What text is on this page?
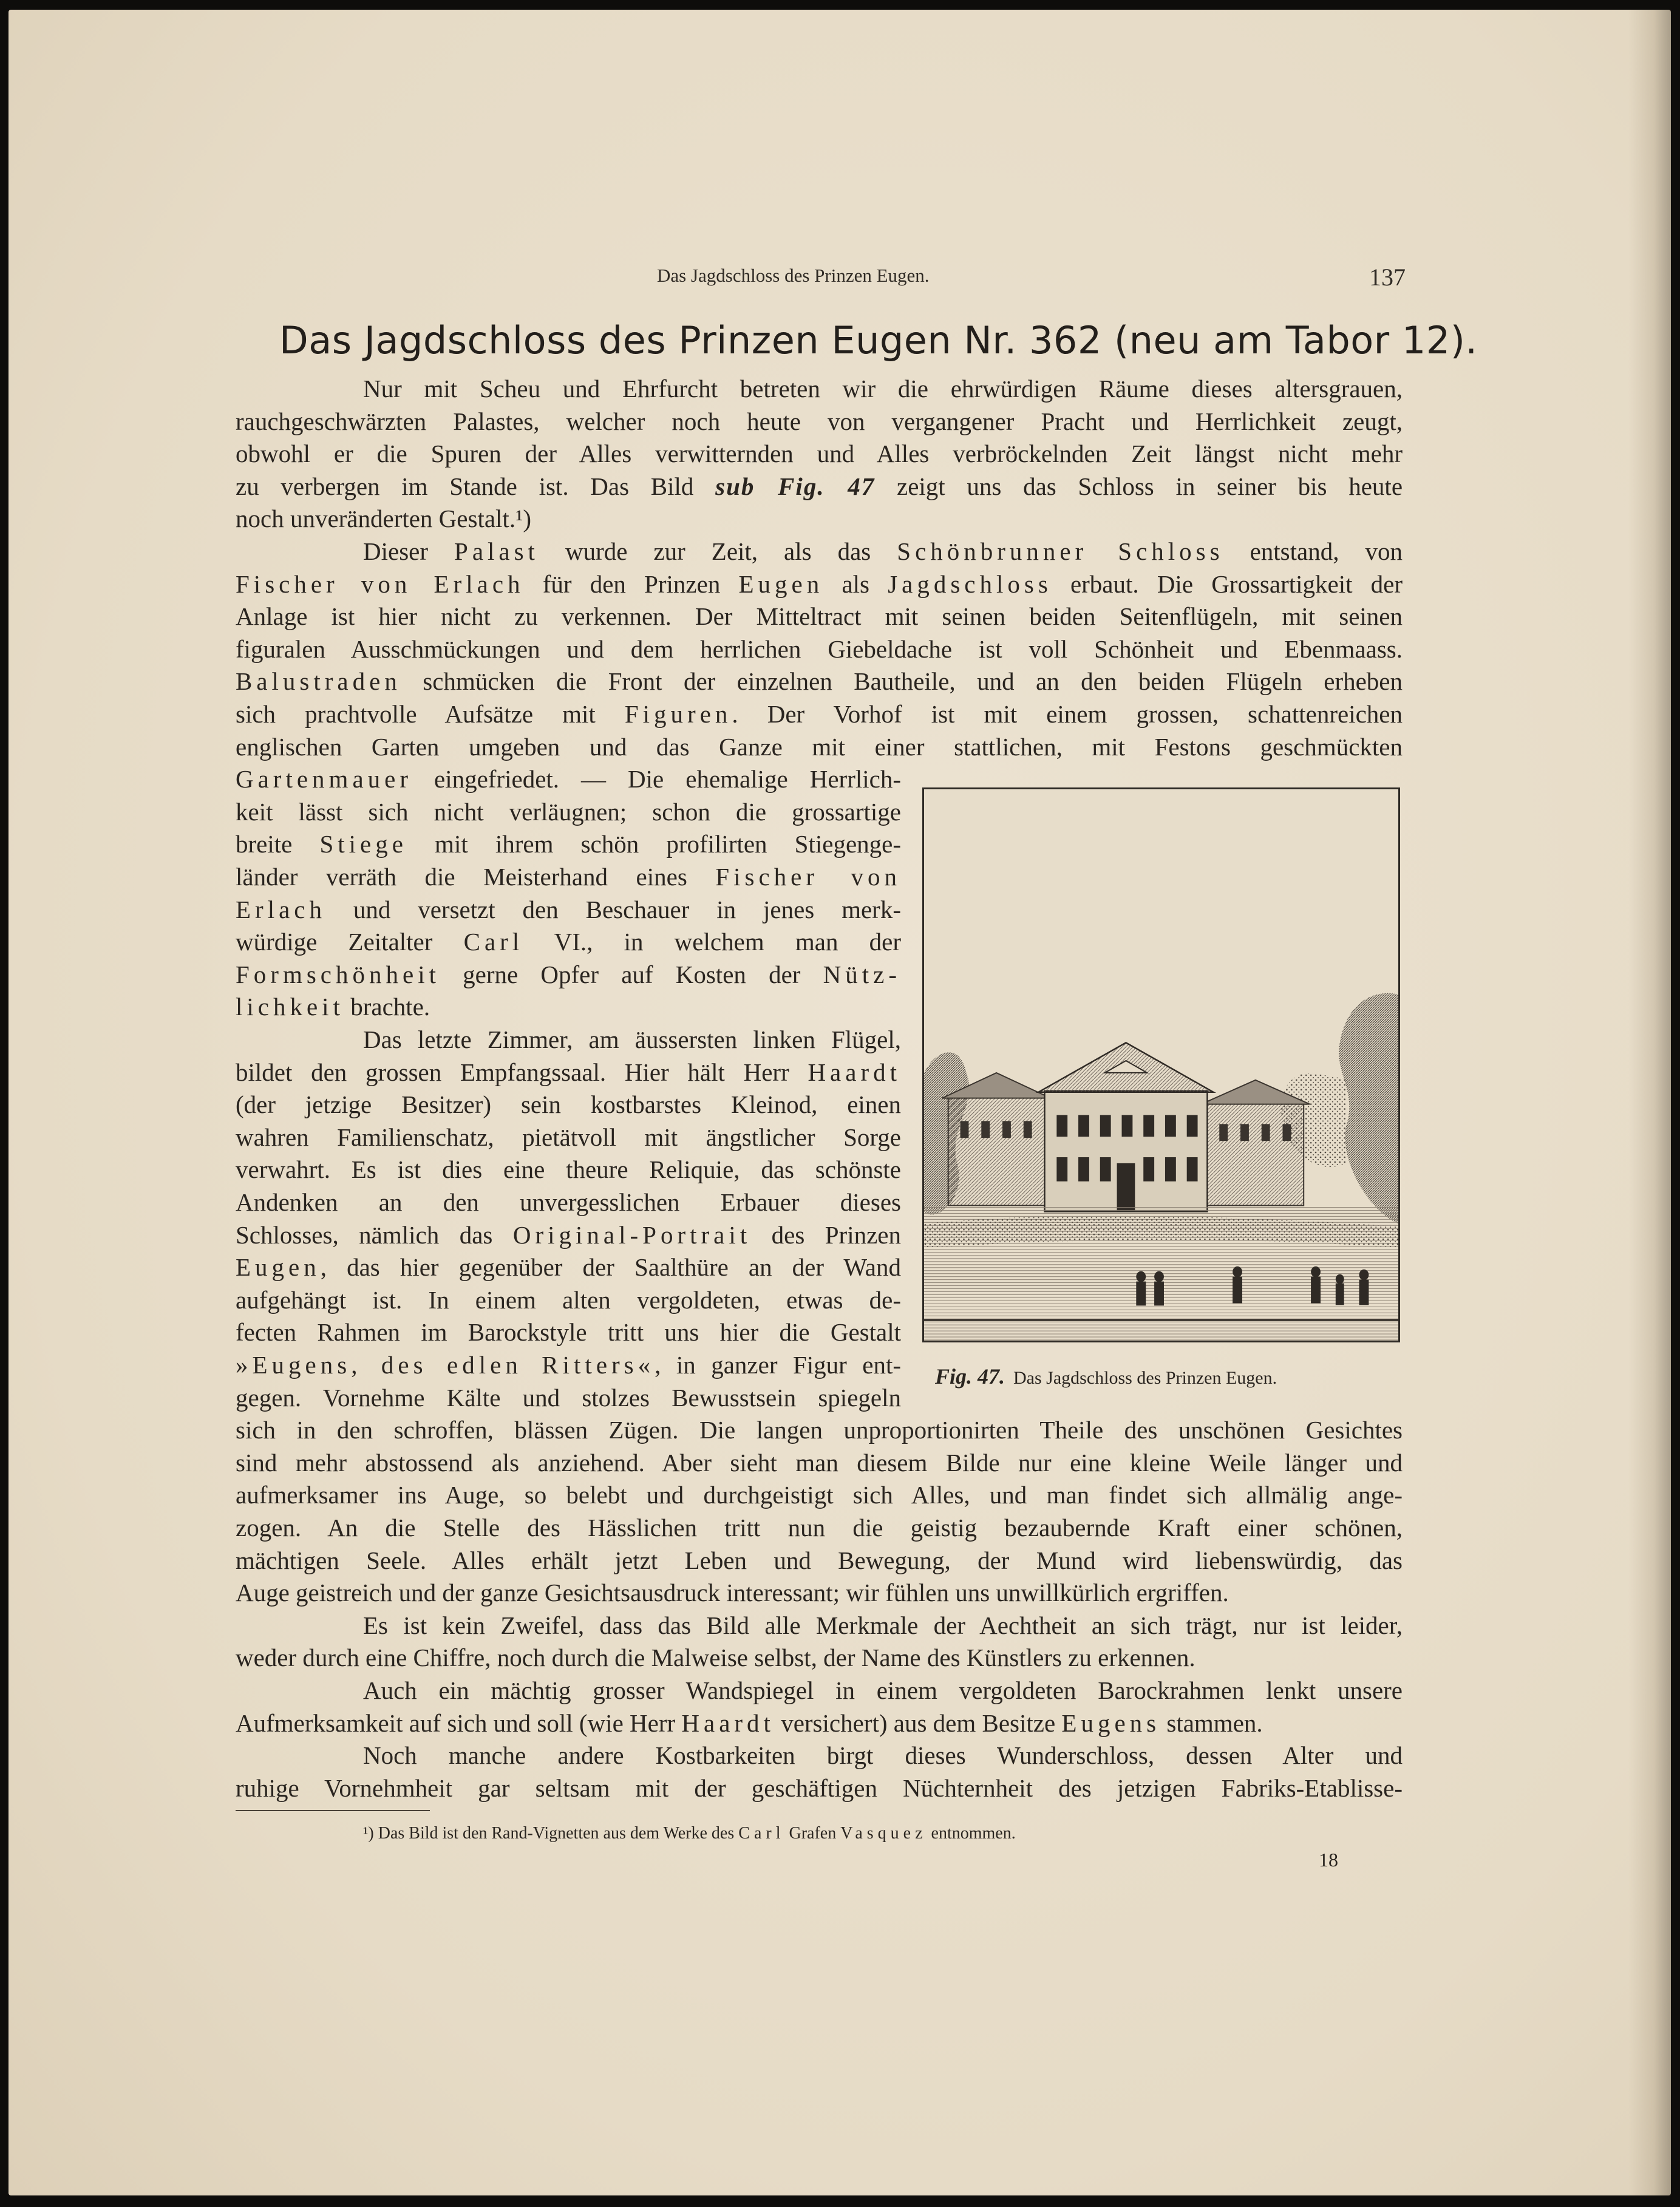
Das Jagdschloss des Prinzen Eugen.	137
Das Jagdschloss des Prinzen Eugen Nr. 362 (neu am Tabor 12).
Nur mit Scheu und Ehrfurcht betreten wir die ehrwürdigen Räume dieses altersgrauen,
rauchgeschwärzten Palastes, welcher noch heute von vergangener Pracht und Herrlichkeit zeugt,
obwohl er die Spuren der Alles verwitternden und Alles verbröckelnden Zeit längst nicht mehr
zu verbergen im Stande ist. Das Bild sub Fig. 47 zeigt uns das Schloss in seiner bis heute
noch unveränderten Gestalt.¹)
Dieser Palast wurde zur Zeit, als das Schönbrunner Schloss entstand, von
Fischer von Erlach für den Prinzen Eugen als Jagdschloss erbaut. Die Grossartigkeit der
Anlage ist hier nicht zu verkennen. Der Mitteltract mit seinen beiden Seitenflügeln, mit seinen
figuralen Ausschmückungen und dem herrlichen Giebeldache ist voll Schönheit und Ebenmaass.
Balustraden schmücken die Front der einzelnen Bautheile, und an den beiden Flügeln erheben
sich prachtvolle Aufsätze mit Figuren. Der Vorhof ist mit einem grossen, schattenreichen
englischen Garten umgeben und das Ganze mit einer stattlichen, mit Festons geschmückten
Gartenmauer eingefriedet. — Die ehemalige Herrlich-
keit lässt sich nicht verläugnen; schon die grossartige
breite Stiege mit ihrem schön profilirten Stiegenge-
länder verräth die Meisterhand eines Fischer von
Erlach und versetzt den Beschauer in jenes merk-
würdige Zeitalter Carl VI., in welchem man der
Formschönheit gerne Opfer auf Kosten der Nütz-
lichkeit brachte.
Das letzte Zimmer, am äussersten linken Flügel,
bildet den grossen Empfangssaal. Hier hält Herr Haardt
(der jetzige Besitzer) sein kostbarstes Kleinod, einen
wahren Familienschatz, pietätvoll mit ängstlicher Sorge
verwahrt. Es ist dies eine theure Reliquie, das schönste
Andenken an den unvergesslichen Erbauer dieses
Schlosses, nämlich das Original-Portrait des Prinzen
Eugen, das hier gegenüber der Saalthüre an der Wand
aufgehängt ist. In einem alten vergoldeten, etwas de-
fecten Rahmen im Barockstyle tritt uns hier die Gestalt
»Eugens, des edlen Ritters«, in ganzer Figur ent-
gegen. Vornehme Kälte und stolzes Bewusstsein spiegeln
sich in den schroffen, blässen Zügen. Die langen unproportionirten Theile des unschönen Gesichtes
sind mehr abstossend als anziehend. Aber sieht man diesem Bilde nur eine kleine Weile länger und
aufmerksamer ins Auge, so belebt und durchgeistigt sich Alles, und man findet sich allmälig ange-
zogen. An die Stelle des Hässlichen tritt nun die geistig bezaubernde Kraft einer schönen,
mächtigen Seele. Alles erhält jetzt Leben und Bewegung, der Mund wird liebenswürdig, das
Auge geistreich und der ganze Gesichtsausdruck interessant; wir fühlen uns unwillkürlich ergriffen.
Es ist kein Zweifel, dass das Bild alle Merkmale der Aechtheit an sich trägt, nur ist leider,
weder durch eine Chiffre, noch durch die Malweise selbst, der Name des Künstlers zu erkennen.
Auch ein mächtig grosser Wandspiegel in einem vergoldeten Barockrahmen lenkt unsere
Aufmerksamkeit auf sich und soll (wie Herr Haardt versichert) aus dem Besitze Eugens stammen.
Noch manche andere Kostbarkeiten birgt dieses Wunderschloss, dessen Alter und
ruhige Vornehmheit gar seltsam mit der geschäftigen Nüchternheit des jetzigen Fabriks-Etablisse-
Fig. 47. Das Jagdschloss des Prinzen Eugen.
¹) Das Bild ist den Rand-Vignetten aus dem Werke des Carl Grafen Vasquez entnommen.
18
